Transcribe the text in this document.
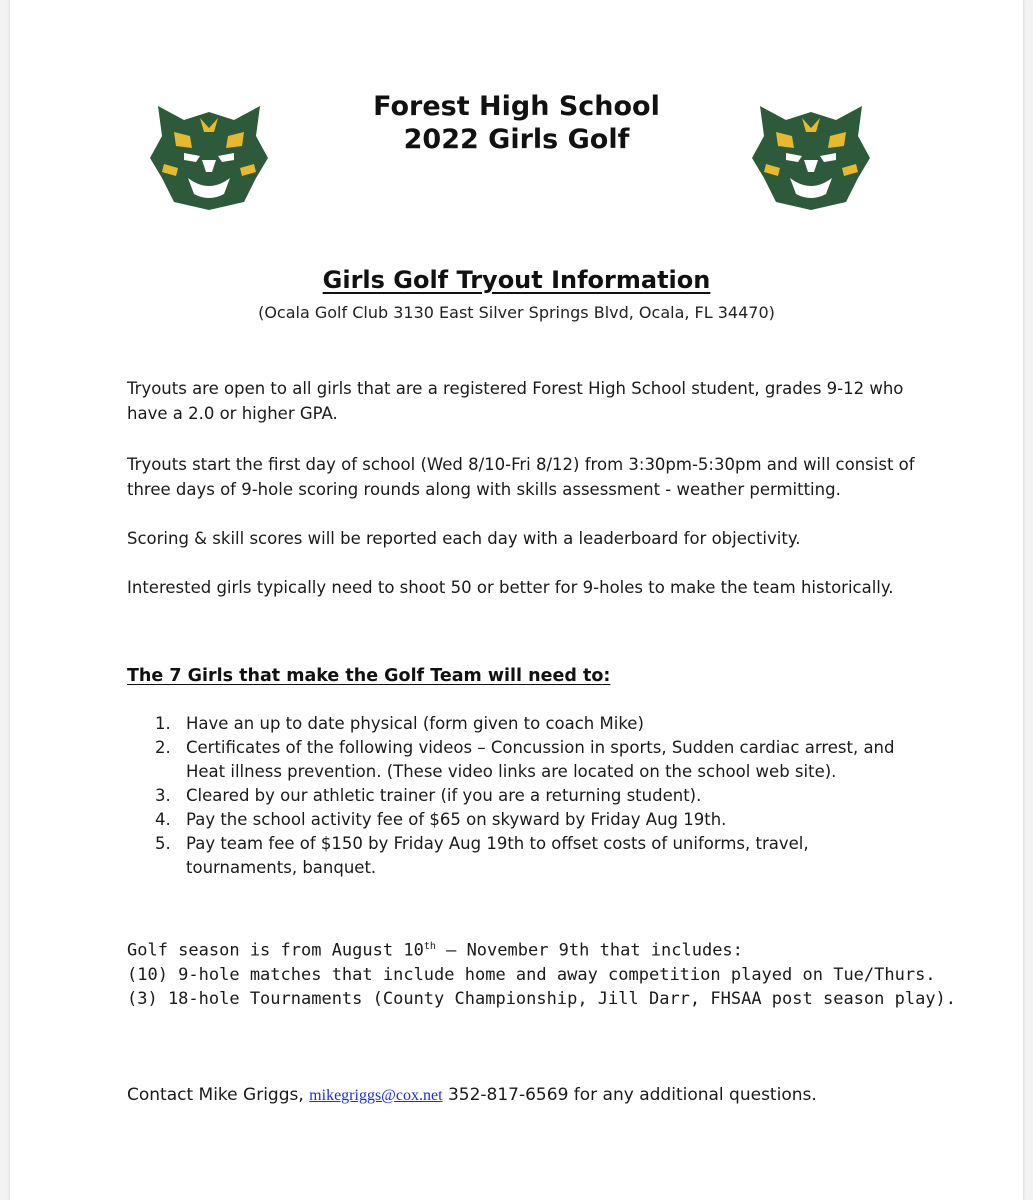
Forest High School
2022 Girls Golf
Girls Golf Tryout Information
(Ocala Golf Club 3130 East Silver Springs Blvd, Ocala, FL 34470)

Tryouts are open to all girls that are a registered Forest High School student, grades 9-12 who have a 2.0 or higher GPA.

Tryouts start the first day of school (Wed 8/10-Fri 8/12) from 3:30pm-5:30pm and will consist of three days of 9-hole scoring rounds along with skills assessment - weather permitting.

Scoring & skill scores will be reported each day with a leaderboard for objectivity.

Interested girls typically need to shoot 50 or better for 9-holes to make the team historically.

The 7 Girls that make the Golf Team will need to:
1. Have an up to date physical (form given to coach Mike)
2. Certificates of the following videos – Concussion in sports, Sudden cardiac arrest, and Heat illness prevention. (These video links are located on the school web site).
3. Cleared by our athletic trainer (if you are a returning student).
4. Pay the school activity fee of $65 on skyward by Friday Aug 19th.
5. Pay team fee of $150 by Friday Aug 19th to offset costs of uniforms, travel, tournaments, banquet.
Golf season is from August 10th – November 9th that includes:
(10) 9-hole matches that include home and away competition played on Tue/Thurs.
(3) 18-hole Tournaments (County Championship, Jill Darr, FHSAA post season play).
Contact Mike Griggs, mikegriggs@cox.net 352-817-6569 for any additional questions.
